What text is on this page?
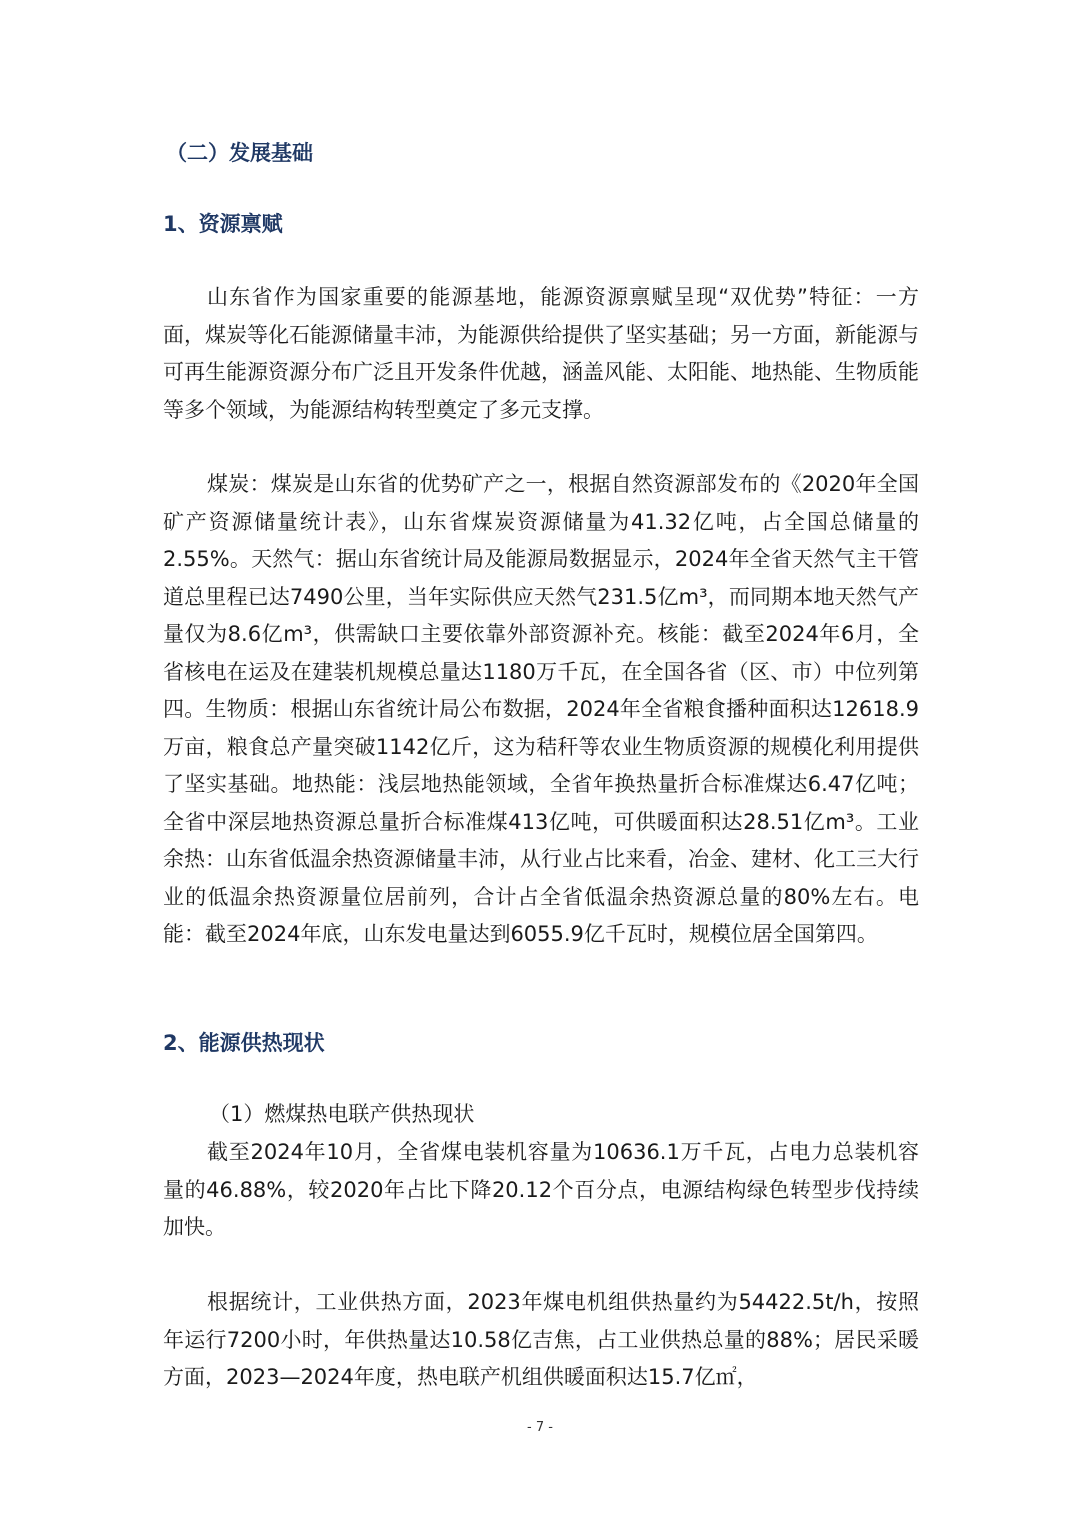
（二）发展基础
1、资源禀赋
山东省作为国家重要的能源基地，能源资源禀赋呈现“双优势”特征：一方面，煤炭等化石能源储量丰沛，为能源供给提供了坚实基础；另一方面，新能源与可再生能源资源分布广泛且开发条件优越，涵盖风能、太阳能、地热能、生物质能等多个领域，为能源结构转型奠定了多元支撑。
煤炭：煤炭是山东省的优势矿产之一，根据自然资源部发布的《2020年全国矿产资源储量统计表》，山东省煤炭资源储量为41.32亿吨，占全国总储量的2.55%。天然气：据山东省统计局及能源局数据显示，2024年全省天然气主干管道总里程已达7490公里，当年实际供应天然气231.5亿m³，而同期本地天然气产量仅为8.6亿m³，供需缺口主要依靠外部资源补充。核能：截至2024年6月，全省核电在运及在建装机规模总量达1180万千瓦，在全国各省（区、市）中位列第四。生物质：根据山东省统计局公布数据，2024年全省粮食播种面积达12618.9万亩，粮食总产量突破1142亿斤，这为秸秆等农业生物质资源的规模化利用提供了坚实基础。地热能：浅层地热能领域，全省年换热量折合标准煤达6.47亿吨；全省中深层地热资源总量折合标准煤413亿吨，可供暖面积达28.51亿m³。工业余热：山东省低温余热资源储量丰沛，从行业占比来看，冶金、建材、化工三大行业的低温余热资源量位居前列，合计占全省低温余热资源总量的80%左右。电能：截至2024年底，山东发电量达到6055.9亿千瓦时，规模位居全国第四。
2、能源供热现状
（1）燃煤热电联产供热现状
截至2024年10月，全省煤电装机容量为10636.1万千瓦，占电力总装机容量的46.88%，较2020年占比下降20.12个百分点，电源结构绿色转型步伐持续加快。
根据统计，工业供热方面，2023年煤电机组供热量约为54422.5t/h，按照年运行7200小时，年供热量达10.58亿吉焦，占工业供热总量的88%；居民采暖方面，2023—2024年度，热电联产机组供暖面积达15.7亿㎡，
- 7 -
